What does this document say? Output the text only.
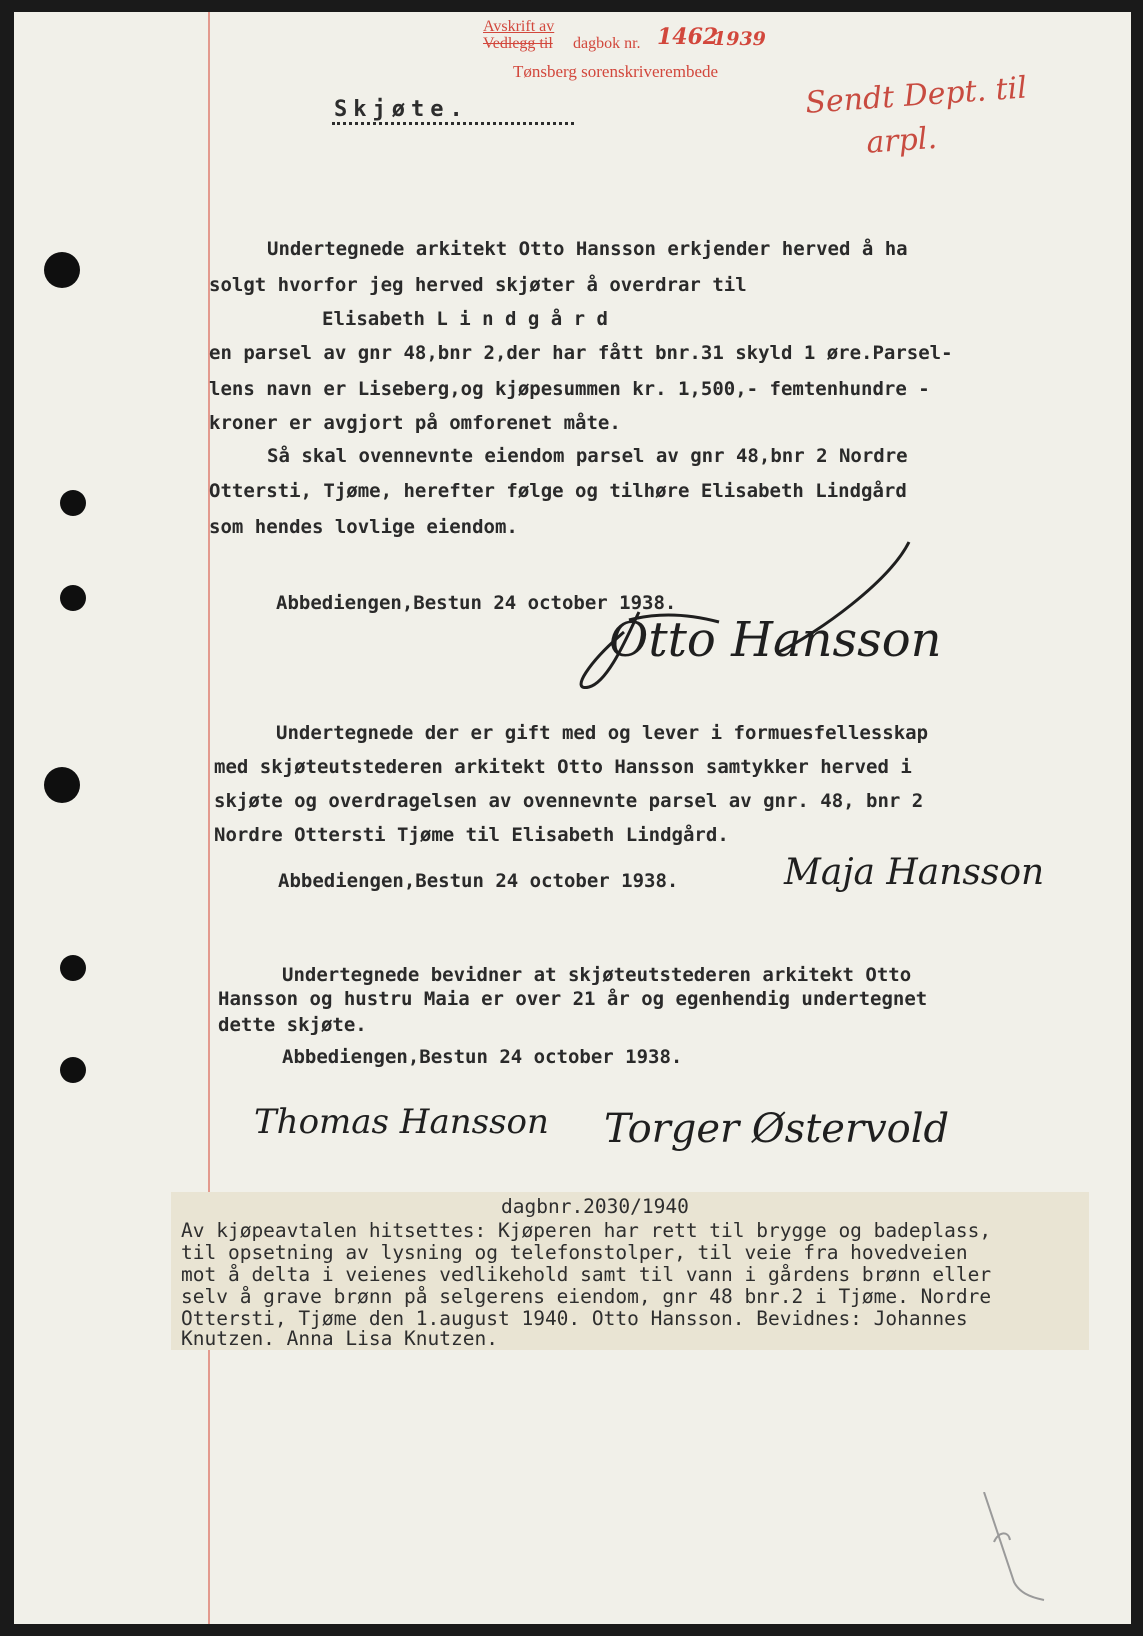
Avskrift av
Vedlegg til dagbok nr. 1462
1939
Tønsberg sorenskriverembede	Sendt Dept. til
arpl.
Skjøte.
Undertegnede arkitekt Otto Hansson erkjender herved å ha
solgt hvorfor jeg herved skjøter å overdrar til
Elisabeth L i n d g å r d
en parsel av gnr 48,bnr 2,der har fått bnr.31 skyld 1 øre.Parsel-
lens navn er Liseberg,og kjøpesummen kr. 1,500,- femtenhundre -
kroner er avgjort på omforenet måte.
Så skal ovennevnte eiendom parsel av gnr 48,bnr 2 Nordre
Ottersti, Tjøme, herefter følge og tilhøre Elisabeth Lindgård
som hendes lovlige eiendom.
Abbediengen,Bestun 24 october 1938.
Otto Hansson
Undertegnede der er gift med og lever i formuesfellesskap
med skjøteutstederen arkitekt Otto Hansson samtykker herved i
skjøte og overdragelsen av ovennevnte parsel av gnr. 48, bnr 2
Nordre Ottersti Tjøme til Elisabeth Lindgård.
Abbediengen,Bestun 24 october 1938.	Maja Hansson
Undertegnede bevidner at skjøteutstederen arkitekt Otto
Hansson og hustru Maia er over 21 år og egenhendig undertegnet
dette skjøte.
Abbediengen,Bestun 24 october 1938.
Thomas Hansson Torger Østervold
dagbnr.2030/1940
Av kjøpeavtalen hitsettes: Kjøperen har rett til brygge og badeplass,
til opsetning av lysning og telefonstolper, til veie fra hovedveien
mot å delta i veienes vedlikehold samt til vann i gårdens brønn eller
selv å grave brønn på selgerens eiendom, gnr 48 bnr.2 i Tjøme. Nordre
Ottersti, Tjøme den 1.august 1940. Otto Hansson. Bevidnes: Johannes
Knutzen. Anna Lisa Knutzen.
